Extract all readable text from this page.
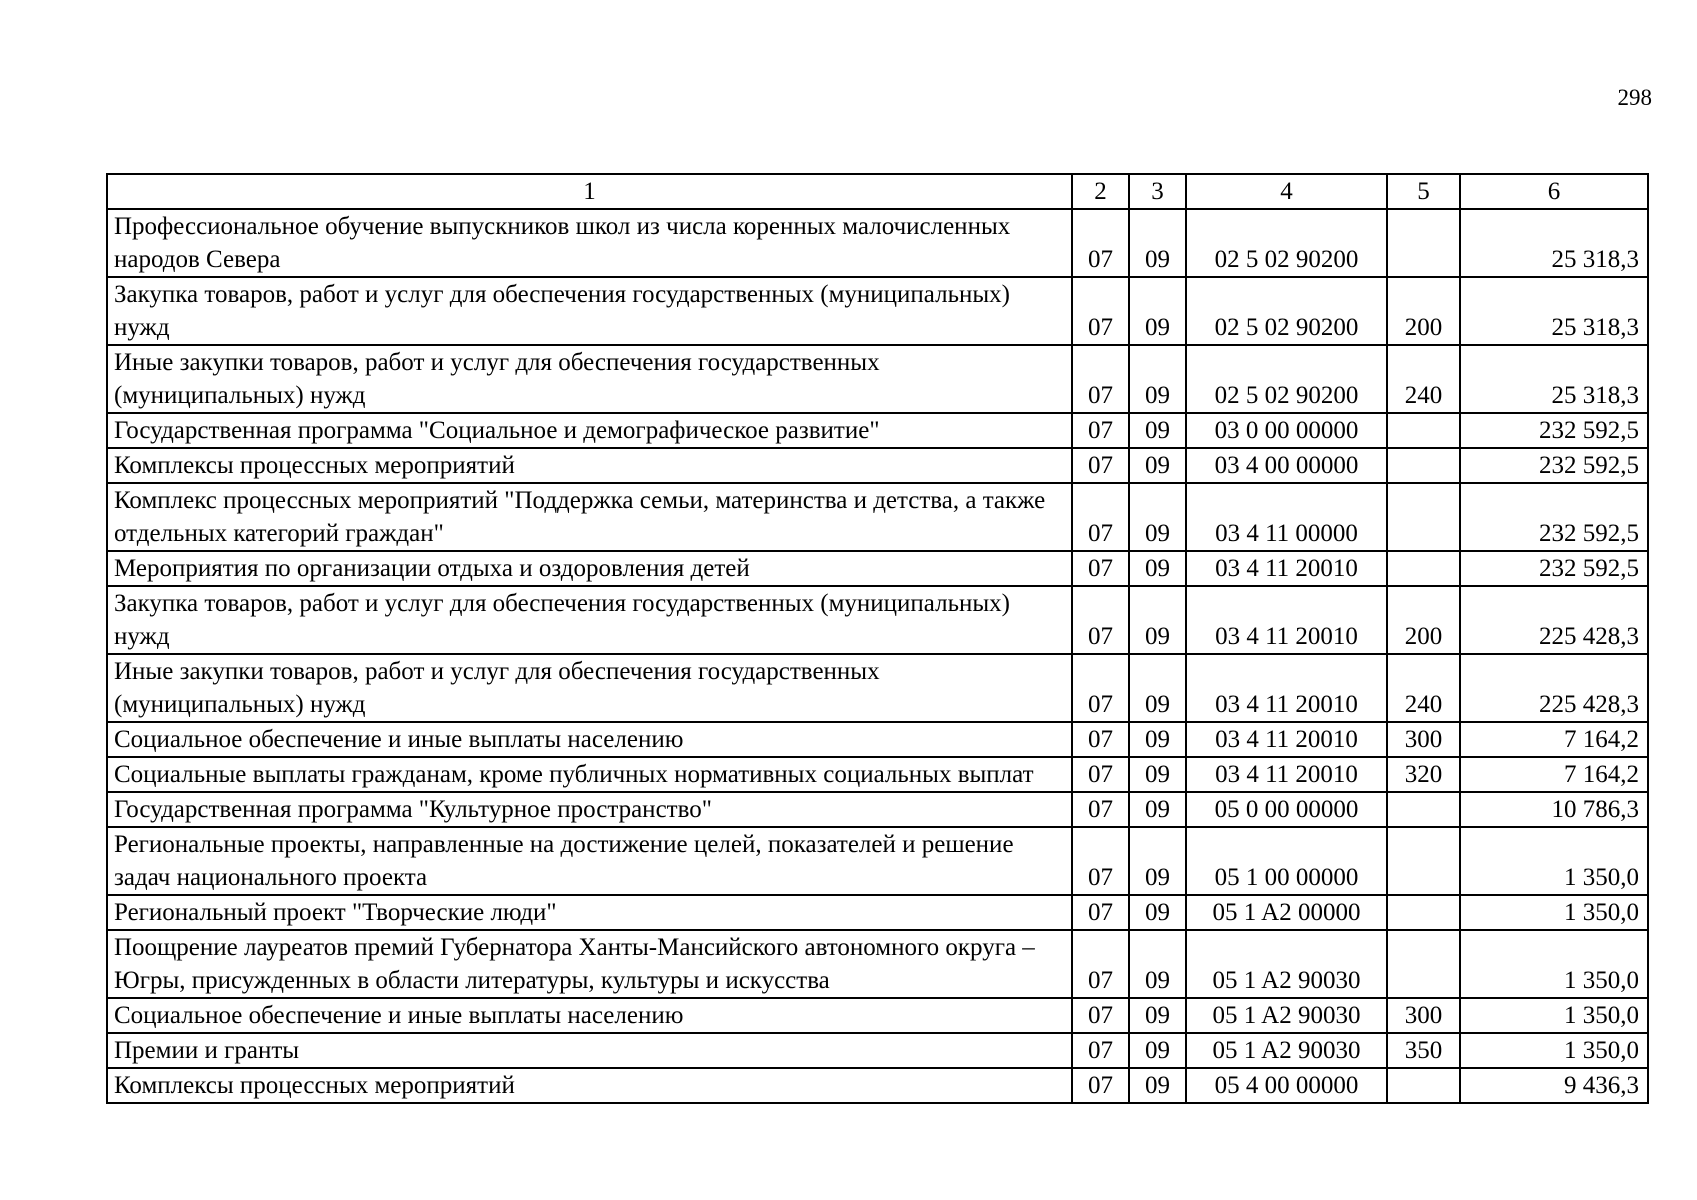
298
1	2	3	4	5	6
Профессиональное обучение выпускников школ из числа коренных малочисленных народов Севера	07	09	02 5 02 90200		25 318,3
Закупка товаров, работ и услуг для обеспечения государственных (муниципальных) нужд	07	09	02 5 02 90200	200	25 318,3
Иные закупки товаров, работ и услуг для обеспечения государственных (муниципальных) нужд	07	09	02 5 02 90200	240	25 318,3
Государственная программа "Социальное и демографическое развитие"	07	09	03 0 00 00000		232 592,5
Комплексы процессных мероприятий	07	09	03 4 00 00000		232 592,5
Комплекс процессных мероприятий "Поддержка семьи, материнства и детства, а также отдельных категорий граждан"	07	09	03 4 11 00000		232 592,5
Мероприятия по организации отдыха и оздоровления детей	07	09	03 4 11 20010		232 592,5
Закупка товаров, работ и услуг для обеспечения государственных (муниципальных) нужд	07	09	03 4 11 20010	200	225 428,3
Иные закупки товаров, работ и услуг для обеспечения государственных (муниципальных) нужд	07	09	03 4 11 20010	240	225 428,3
Социальное обеспечение и иные выплаты населению	07	09	03 4 11 20010	300	7 164,2
Социальные выплаты гражданам, кроме публичных нормативных социальных выплат	07	09	03 4 11 20010	320	7 164,2
Государственная программа "Культурное пространство"	07	09	05 0 00 00000		10 786,3
Региональные проекты, направленные на достижение целей, показателей и решение задач национального проекта	07	09	05 1 00 00000		1 350,0
Региональный проект "Творческие люди"	07	09	05 1 A2 00000		1 350,0
Поощрение лауреатов премий Губернатора Ханты-Мансийского автономного округа – Югры, присужденных в области литературы, культуры и искусства	07	09	05 1 A2 90030		1 350,0
Социальное обеспечение и иные выплаты населению	07	09	05 1 A2 90030	300	1 350,0
Премии и гранты	07	09	05 1 A2 90030	350	1 350,0
Комплексы процессных мероприятий	07	09	05 4 00 00000		9 436,3
